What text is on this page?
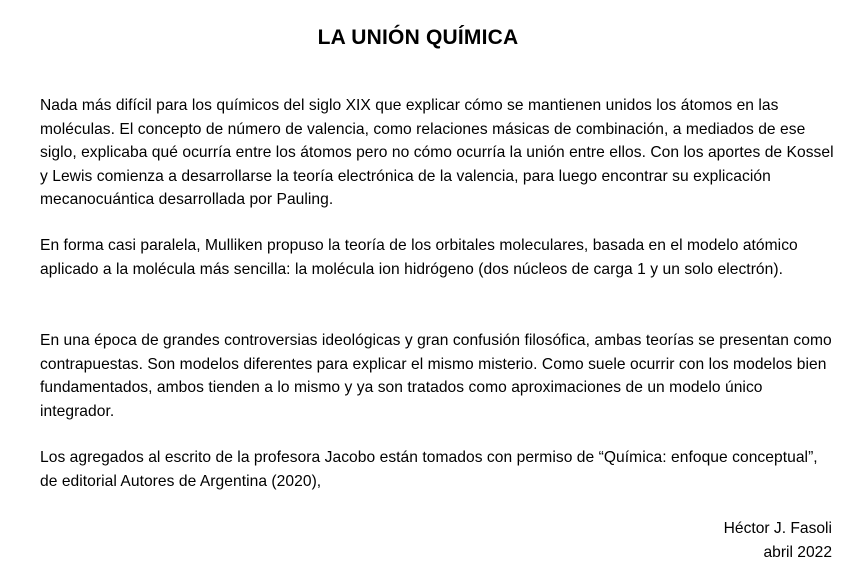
LA UNIÓN QUÍMICA
Nada más difícil para los químicos del siglo XIX que explicar cómo se mantienen unidos los átomos en las moléculas. El concepto de número de valencia, como relaciones másicas de combinación, a mediados de ese siglo, explicaba qué ocurría entre los átomos pero no cómo ocurría la unión entre ellos. Con los aportes de Kossel y Lewis comienza a desarrollarse la teoría electrónica de la valencia, para luego encontrar su explicación mecanocuántica desarrollada por Pauling.
En forma casi paralela, Mulliken propuso la teoría de los orbitales moleculares, basada en el modelo atómico aplicado a la molécula más sencilla: la molécula ion hidrógeno (dos núcleos de carga 1 y un solo electrón).
En una época de grandes controversias ideológicas y gran confusión filosófica, ambas teorías se presentan como contrapuestas. Son modelos diferentes para explicar el mismo misterio. Como suele ocurrir con los modelos bien fundamentados, ambos tienden a lo mismo y ya son tratados como aproximaciones de un modelo único integrador.
Los agregados al escrito de la profesora Jacobo están tomados con permiso de “Química: enfoque conceptual”, de editorial Autores de Argentina (2020),
Héctor J. Fasoli
abril 2022
